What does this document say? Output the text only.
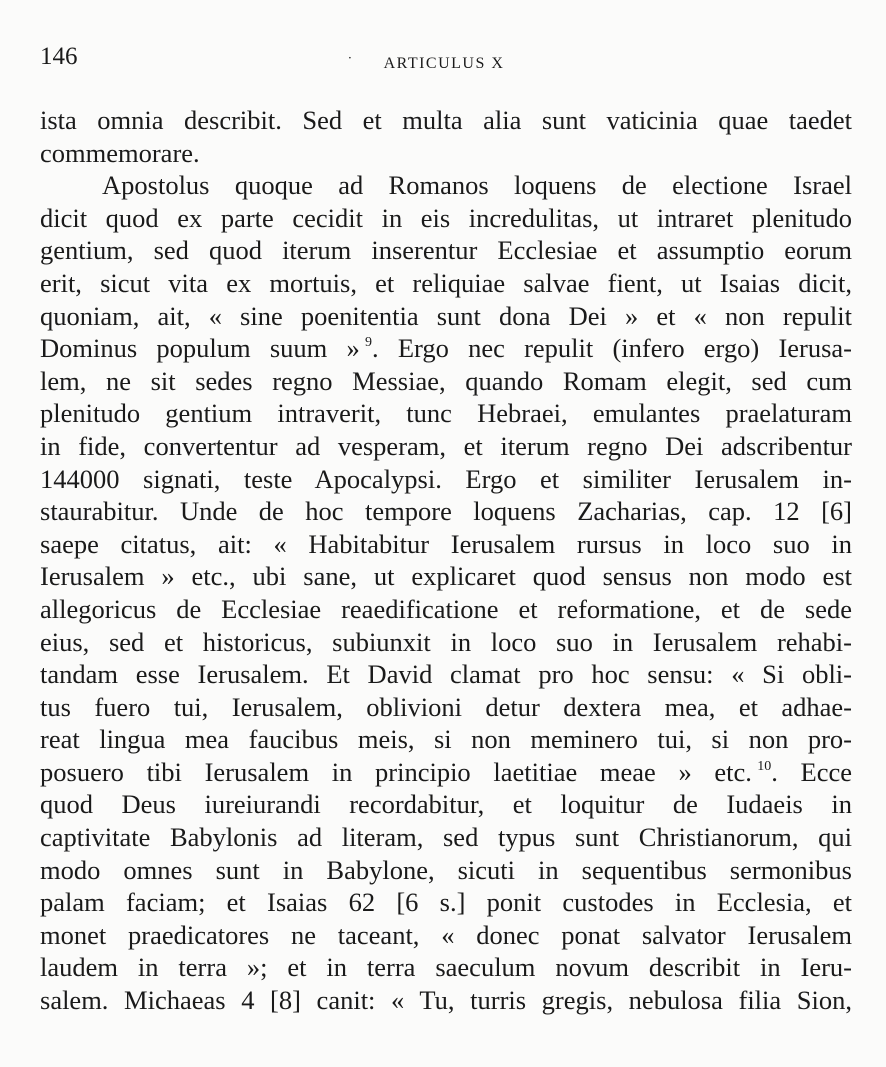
146	·	ARTICULUS X
ista omnia describit. Sed et multa alia sunt vaticinia quae taedet
commemorare.
Apostolus quoque ad Romanos loquens de electione Israel
dicit quod ex parte cecidit in eis incredulitas, ut intraret plenitudo
gentium, sed quod iterum inserentur Ecclesiae et assumptio eorum
erit, sicut vita ex mortuis, et reliquiae salvae fient, ut Isaias dicit,
quoniam, ait, « sine poenitentia sunt dona Dei » et « non repulit
Dominus populum suum »  $^9$. Ergo nec repulit (infero ergo) Ierusa-
lem, ne sit sedes regno Messiae, quando Romam elegit, sed cum
plenitudo gentium intraverit, tunc Hebraei, emulantes praelaturam
in fide, convertentur ad vesperam, et iterum regno Dei adscribentur
144000 signati, teste Apocalypsi. Ergo et similiter Ierusalem in-
staurabitur. Unde de hoc tempore loquens Zacharias, cap. 12 [6]
saepe citatus, ait: « Habitabitur Ierusalem rursus in loco suo in
Ierusalem » etc., ubi sane, ut explicaret quod sensus non modo est
allegoricus de Ecclesiae reaedificatione et reformatione, et de sede
eius, sed et historicus, subiunxit in loco suo in Ierusalem rehabi-
tandam esse Ierusalem. Et David clamat pro hoc sensu: « Si obli-
tus fuero tui, Ierusalem, oblivioni detur dextera mea, et adhae-
reat lingua mea faucibus meis, si non meminero tui, si non pro-
posuero tibi Ierusalem in principio laetitiae meae » etc.  $^{10}$. Ecce
quod Deus iureiurandi recordabitur, et loquitur de Iudaeis in
captivitate Babylonis ad literam, sed typus sunt Christianorum, qui
modo omnes sunt in Babylone, sicuti in sequentibus sermonibus
palam faciam; et Isaias 62 [6 s.] ponit custodes in Ecclesia, et
monet praedicatores ne taceant, « donec ponat salvator Ierusalem
laudem in terra »; et in terra saeculum novum describit in Ieru-
salem. Michaeas 4 [8] canit: « Tu, turris gregis, nebulosa filia Sion,
